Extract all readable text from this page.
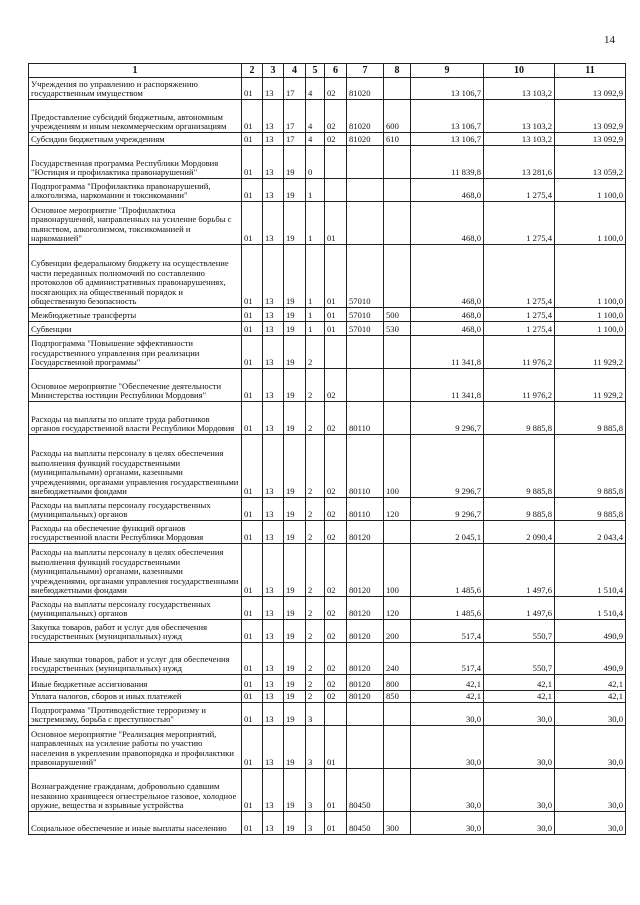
14
1	2	3	4	5	6	7	8	9	10	11
Учреждения по управлению и распоряжению государственным имуществом	01	13	17	4	02	81020		13 106,7	13 103,2	13 092,9
Предоставление субсидий бюджетным, автономным учреждениям и иным некоммерческим организациям	01	13	17	4	02	81020	600	13 106,7	13 103,2	13 092,9
Субсидии бюджетным учреждениям	01	13	17	4	02	81020	610	13 106,7	13 103,2	13 092,9
Государственная программа Республики Мордовия "Юстиция и профилактика правонарушений"	01	13	19	0				11 839,8	13 281,6	13 059,2
Подпрограмма "Профилактика правонарушений, алкоголизма, наркомании и токсикомании"	01	13	19	1				468,0	1 275,4	1 100,0
Основное мероприятие "Профилактика правонарушений, направленных на усиление борьбы с пьянством, алкоголизмом, токсикоманией и наркоманией"	01	13	19	1	01			468,0	1 275,4	1 100,0
Субвенции федеральному бюджету на осуществление части переданных полномочий по составлению протоколов об административных правонарушениях, посягающих на общественный порядок и общественную безопасность	01	13	19	1	01	57010		468,0	1 275,4	1 100,0
Межбюджетные трансферты	01	13	19	1	01	57010	500	468,0	1 275,4	1 100,0
Субвенции	01	13	19	1	01	57010	530	468,0	1 275,4	1 100,0
Подпрограмма "Повышение эффективности государственного управления при реализации Государственной программы"	01	13	19	2				11 341,8	11 976,2	11 929,2
Основное мероприятие "Обеспечение деятельности Министерства юстиции Республики Мордовия"	01	13	19	2	02			11 341,8	11 976,2	11 929,2
Расходы на выплаты по оплате труда работников органов государственной власти Республики Мордовия	01	13	19	2	02	80110		9 296,7	9 885,8	9 885,8
Расходы на выплаты персоналу в целях обеспечения выполнения функций государственными (муниципальными) органами, казенными учреждениями, органами управления государственными внебюджетными фондами	01	13	19	2	02	80110	100	9 296,7	9 885,8	9 885,8
Расходы на выплаты персоналу государственных (муниципальных) органов	01	13	19	2	02	80110	120	9 296,7	9 885,8	9 885,8
Расходы на обеспечение функций органов государственной власти Республики Мордовия	01	13	19	2	02	80120		2 045,1	2 090,4	2 043,4
Расходы на выплаты персоналу в целях обеспечения выполнения функций государственными (муниципальными) органами, казенными учреждениями, органами управления государственными внебюджетными фондами	01	13	19	2	02	80120	100	1 485,6	1 497,6	1 510,4
Расходы на выплаты персоналу государственных (муниципальных) органов	01	13	19	2	02	80120	120	1 485,6	1 497,6	1 510,4
Закупка товаров, работ и услуг для обеспечения государственных (муниципальных) нужд	01	13	19	2	02	80120	200	517,4	550,7	490,9
Иные закупки товаров, работ и услуг для обеспечения государственных (муниципальных) нужд	01	13	19	2	02	80120	240	517,4	550,7	490,9
Иные бюджетные ассигнования	01	13	19	2	02	80120	800	42,1	42,1	42,1
Уплата налогов, сборов и иных платежей	01	13	19	2	02	80120	850	42,1	42,1	42,1
Подпрограмма "Противодействие терроризму и экстремизму, борьба с преступностью"	01	13	19	3				30,0	30,0	30,0
Основное мероприятие "Реализация мероприятий, направленных на усиление работы по участию населения в укреплении правопорядка и профилактики правонарушений"	01	13	19	3	01			30,0	30,0	30,0
Вознаграждение гражданам, добровольно сдавшим незаконно хранящееся огнестрельное газовое, холодное оружие, вещества и взрывные устройства	01	13	19	3	01	80450		30,0	30,0	30,0
Социальное обеспечение и иные выплаты населению	01	13	19	3	01	80450	300	30,0	30,0	30,0
